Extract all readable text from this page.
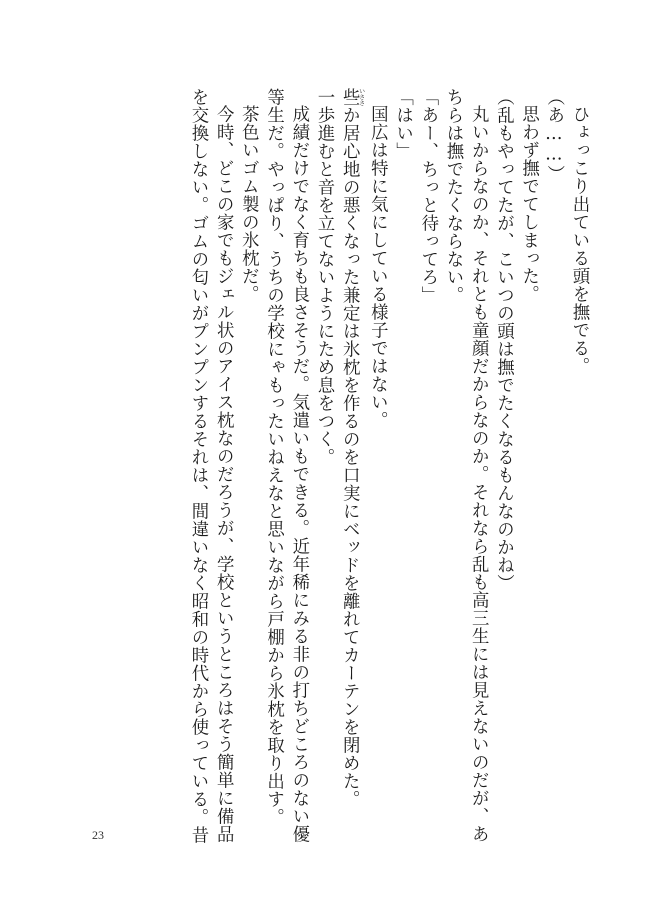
ひょっこり出ている頭を撫でる。

（あ……）

思わず撫でてしまった。

（乱もやってたが、こいつの頭は撫でたくなるもんなのかね）

丸いからなのか、それとも童顔だからなのか。それなら乱も高三生には見えないのだが、あ

ちらは撫でたくならない。

「あー、ちっと待ってろ」

「はい」

国広は特に気にしている様子ではない。

些いささか居心地の悪くなった兼定は氷枕を作るのを口実にベッドを離れてカーテンを閉めた。

一歩進むと音を立てないようにため息をつく。

成績だけでなく育ちも良さそうだ。気遣いもできる。近年稀にみる非の打ちどころのない優

等生だ。やっぱり、うちの学校にゃもったいねえなと思いながら戸棚から氷枕を取り出す。

茶色いゴム製の氷枕だ。

今時、どこの家でもジェル状のアイス枕なのだろうが、学校というところはそう簡単に備品

を交換しない。ゴムの匂いがプンプンするそれは、間違いなく昭和の時代から使っている。昔

23
